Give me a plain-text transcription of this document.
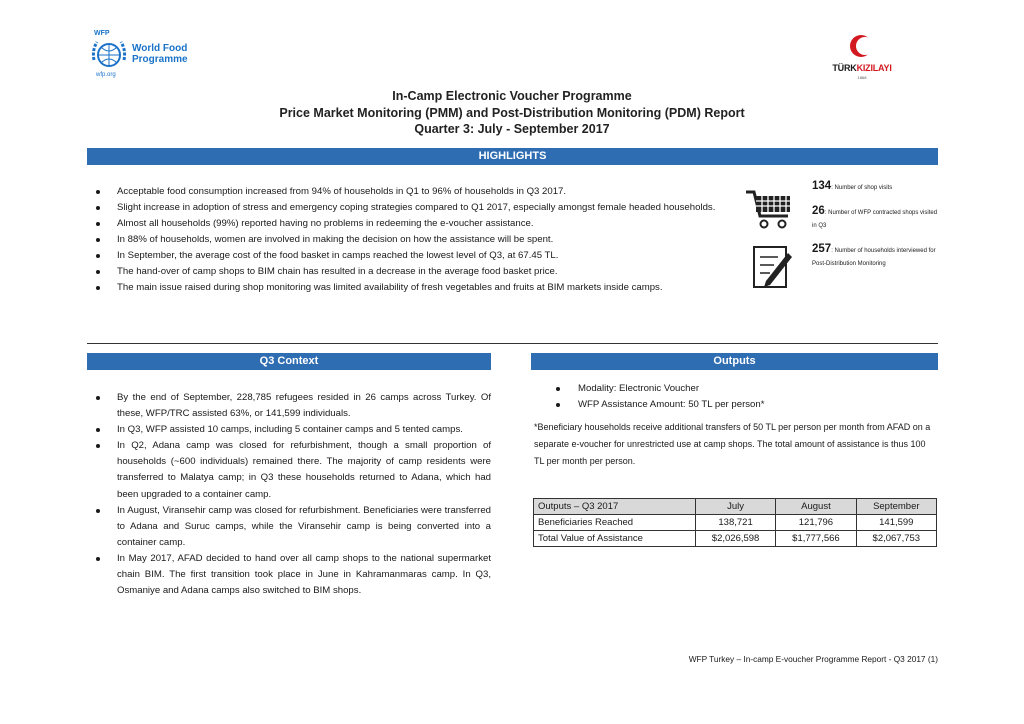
WFP
World Food
Programme
wfp.org
TÜRKKIZILAYI
1868
In-Camp Electronic Voucher Programme
Price Market Monitoring (PMM) and Post-Distribution Monitoring (PDM) Report
Quarter 3: July - September 2017
HIGHLIGHTS
Acceptable food consumption increased from 94% of households in Q1 to 96% of households in Q3 2017.
Slight increase in adoption of stress and emergency coping strategies compared to Q1 2017, especially amongst female headed households.
Almost all households (99%) reported having no problems in redeeming the e-voucher assistance.
In 88% of households, women are involved in making the decision on how the assistance will be spent.
In September, the average cost of the food basket in camps reached the lowest level of Q3, at 67.45 TL.
The hand-over of camp shops to BIM chain has resulted in a decrease in the average food basket price.
The main issue raised during shop monitoring was limited availability of fresh vegetables and fruits at BIM markets inside camps.
134: Number of shop visits
26: Number of WFP contracted shops visited in Q3
257: Number of households interviewed for Post-Distribution Monitoring
Q3 Context
By the end of September, 228,785 refugees resided in 26 camps across Turkey. Of these, WFP/TRC assisted 63%, or 141,599 individuals.
In Q3, WFP assisted 10 camps, including 5 container camps and 5 tented camps.
In Q2, Adana camp was closed for refurbishment, though a small proportion of households (~600 individuals) remained there. The majority of camp residents were transferred to Malatya camp; in Q3 these households returned to Adana, which had been upgraded to a container camp.
In August, Viransehir camp was closed for refurbishment. Beneficiaries were transferred to Adana and Suruc camps, while the Viransehir camp is being converted into a container camp.
In May 2017, AFAD decided to hand over all camp shops to the national supermarket chain BIM. The first transition took place in June in Kahramanmaras camp. In Q3, Osmaniye and Adana camps also switched to BIM shops.
Outputs
Modality: Electronic Voucher
WFP Assistance Amount: 50 TL per person*
*Beneficiary households receive additional transfers of 50 TL per person per month from AFAD on a separate e-voucher for unrestricted use at camp shops. The total amount of assistance is thus 100 TL per month per person.
Outputs – Q3 2017	July	August	September
Beneficiaries Reached	138,721	121,796	141,599
Total Value of Assistance	$2,026,598	$1,777,566	$2,067,753
WFP Turkey – In-camp E-voucher Programme Report - Q3 2017 (1)
